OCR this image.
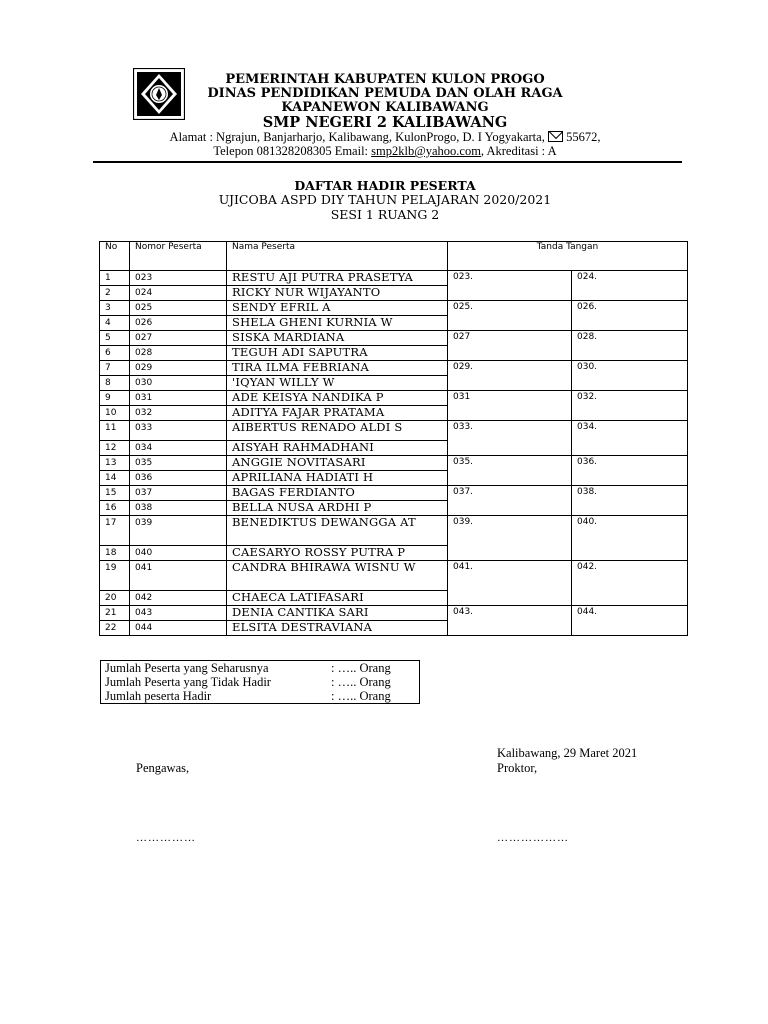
PEMERINTAH KABUPATEN KULON PROGO
DINAS PENDIDIKAN PEMUDA DAN OLAH RAGA
KAPANEWON KALIBAWANG
SMP NEGERI 2 KALIBAWANG
Alamat : Ngrajun, Banjarharjo, Kalibawang, KulonProgo, D. I Yogyakarta, 55672,
Telepon 081328208305 Email: smp2klb@yahoo.com, Akreditasi : A
DAFTAR HADIR PESERTA
UJICOBA ASPD DIY TAHUN PELAJARAN 2020/2021
SESI 1 RUANG 2
No	Nomor Peserta	Nama Peserta	Tanda Tangan	
1	023	RESTU AJI PUTRA PRASETYA	023.	024.
2	024	RICKY NUR WIJAYANTO		
3	025	SENDY EFRIL A	025.	026.
4	026	SHELA GHENI KURNIA W		
5	027	SISKA MARDIANA	027	028.
6	028	TEGUH ADI SAPUTRA		
7	029	TIRA ILMA FEBRIANA	029.	030.
8	030	'IQYAN WILLY W		
9	031	ADE KEISYA NANDIKA P	031	032.
10	032	ADITYA FAJAR PRATAMA		
11	033	AIBERTUS RENADO ALDI S	033.	034.
12	034	AISYAH RAHMADHANI		
13	035	ANGGIE NOVITASARI	035.	036.
14	036	APRILIANA HADIATI H		
15	037	BAGAS FERDIANTO	037.	038.
16	038	BELLA NUSA ARDHI P		
17	039	BENEDIKTUS DEWANGGA AT	039.	040.
18	040	CAESARYO ROSSY PUTRA P		
19	041	CANDRA BHIRAWA WISNU W	041.	042.
20	042	CHAECA LATIFASARI		
21	043	DENIA CANTIKA SARI	043.	044.
22	044	ELSITA DESTRAVIANA		
Jumlah Peserta yang Seharusnya	: ….. Orang
Jumlah Peserta yang Tidak Hadir	: ….. Orang
Jumlah peserta Hadir	: ….. Orang
Kalibawang, 29 Maret 2021
Pengawas,	Proktor,
……………	………………
